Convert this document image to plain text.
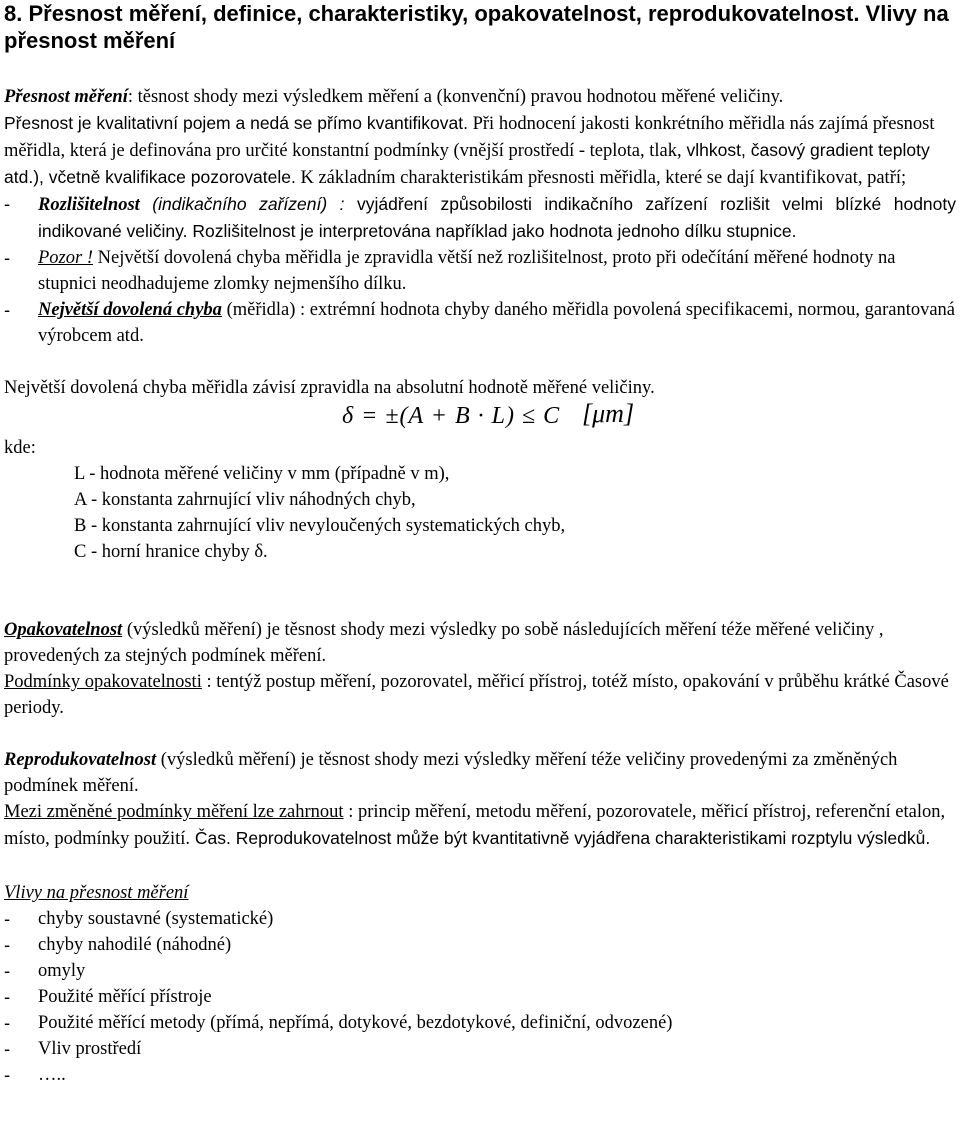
8. Přesnost měření, definice, charakteristiky, opakovatelnost, reprodukovatelnost. Vlivy na přesnost měření

Přesnost měření: těsnost shody mezi výsledkem měření a (konvenční) pravou hodnotou měřené veličiny.

Přesnost je kvalitativní pojem a nedá se přímo kvantifikovat. Při hodnocení jakosti konkrétního měřidla nás zajímá přesnost měřidla, která je definována pro určité konstantní podmínky (vnější prostředí - teplota, tlak, vlhkost, časový gradient teploty atd.), včetně kvalifikace pozorovatele. K základním charakteristikám přesnosti měřidla, které se dají kvantifikovat, patří;

-	Rozlišitelnost (indikačního zařízení) : vyjádření způsobilosti indikačního zařízení rozlišit velmi blízké hodnoty indikované veličiny. Rozlišitelnost je interpretována například jako hodnota jednoho dílku stupnice.
-	Pozor ! Největší dovolená chyba měřidla je zpravidla větší než rozlišitelnost, proto při odečítání měřené hodnoty na stupnici neodhadujeme zlomky nejmenšího dílku.
-	Největší dovolená chyba (měřidla) : extrémní hodnota chyby daného měřidla povolená specifikacemi, normou, garantovaná výrobcem atd.

Největší dovolená chyba měřidla závisí zpravidla na absolutní hodnotě měřené veličiny.

δ = ±(A + B · L) ≤ C [μm]

kde:

L - hodnota měřené veličiny v mm (případně v m),

A - konstanta zahrnující vliv náhodných chyb,

B - konstanta zahrnující vliv nevyloučených systematických chyb,

C - horní hranice chyby δ.

Opakovatelnost (výsledků měření) je těsnost shody mezi výsledky po sobě následujících měření téže měřené veličiny , provedených za stejných podmínek měření.

Podmínky opakovatelnosti : tentýž postup měření, pozorovatel, měřicí přístroj, totéž místo, opakování v průběhu krátké Časové periody.

Reprodukovatelnost (výsledků měření) je těsnost shody mezi výsledky měření téže veličiny provedenými za změněných podmínek měření.

Mezi změněné podmínky měření lze zahrnout : princip měření, metodu měření, pozorovatele, měřicí přístroj, referenční etalon, místo, podmínky použití. Čas. Reprodukovatelnost může být kvantitativně vyjádřena charakteristikami rozptylu výsledků.

Vlivy na přesnost měření

-	chyby soustavné (systematické)
-	chyby nahodilé (náhodné)
-	omyly
-	Použité měřící přístroje
-	Použité měřící metody (přímá, nepřímá, dotykové, bezdotykové, definiční, odvozené)
-	Vliv prostředí
-	…..
